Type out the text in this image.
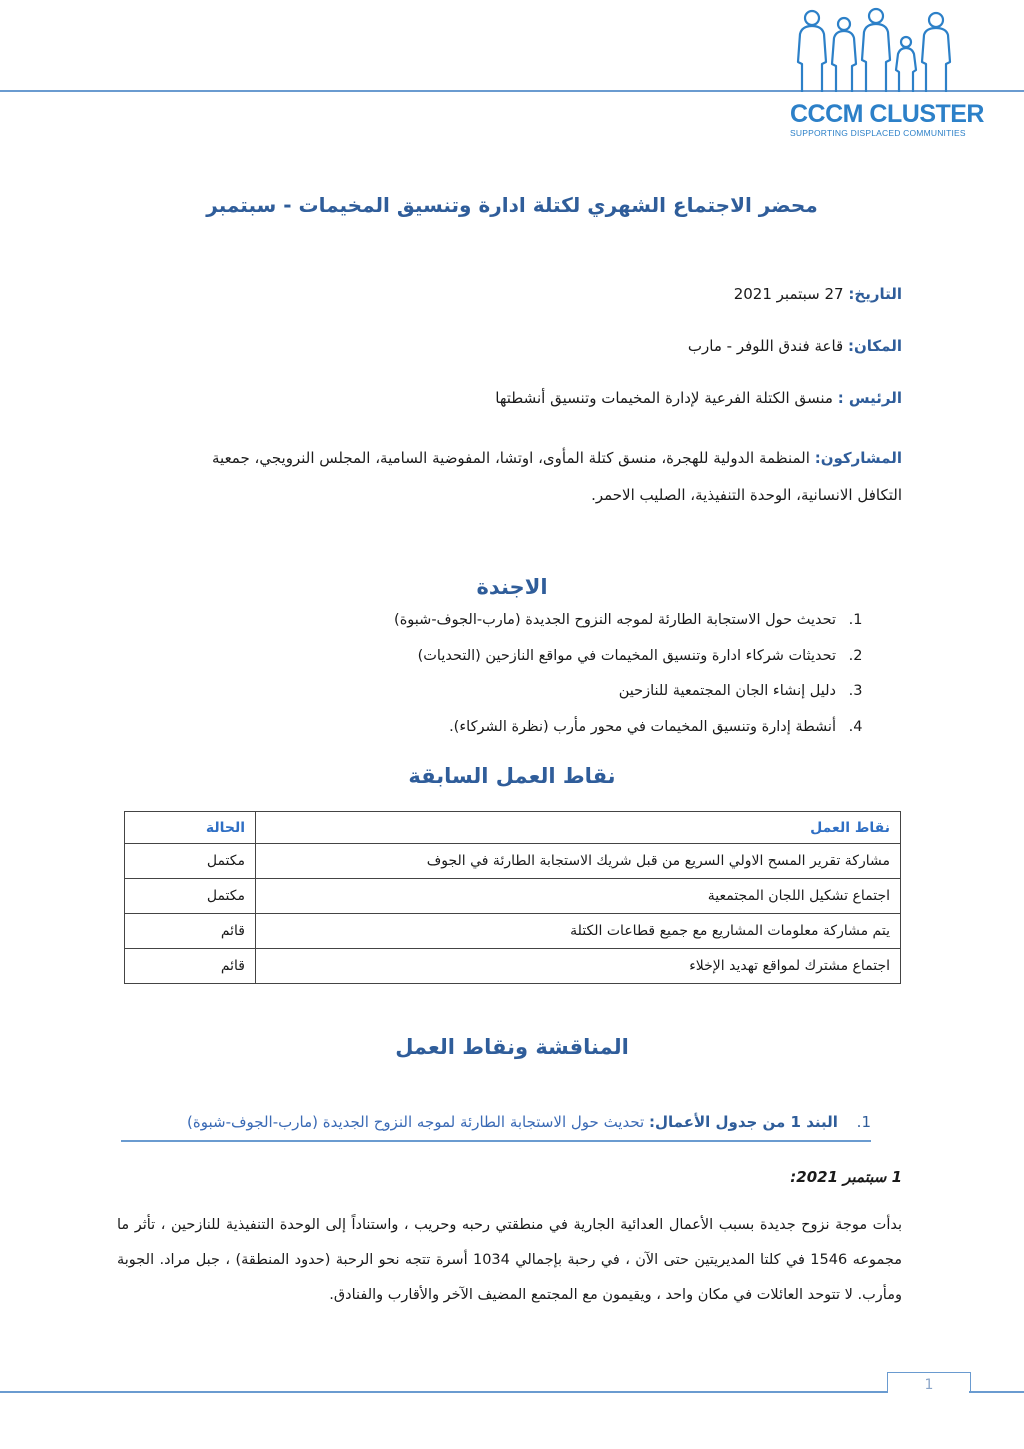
CCCM CLUSTER
SUPPORTING DISPLACED COMMUNITIES
محضر الاجتماع الشهري لكتلة ادارة وتنسيق المخيمات - سبتمبر
التاريخ: 27 سبتمبر 2021
المكان: قاعة فندق اللوفر - مارب
الرئيس : منسق الكتلة الفرعية لإدارة المخيمات وتنسيق أنشطتها
المشاركون: المنظمة الدولية للهجرة، منسق كتلة المأوى، اوتشا، المفوضية السامية، المجلس النرويجي، جمعية التكافل الانسانية، الوحدة التنفيذية، الصليب الاحمر.
الاجندة
1. تحديث حول الاستجابة الطارئة لموجه النزوح الجديدة (مارب-الجوف-شبوة)
2. تحديثات شركاء ادارة وتنسيق المخيمات في مواقع النازحين (التحديات)
3. دليل إنشاء الجان المجتمعية للنازحين
4. أنشطة إدارة وتنسيق المخيمات في محور مأرب (نظرة الشركاء).
نقاط العمل السابقة
نقاط العمل	الحالة
مشاركة تقرير المسح الاولي السريع من قبل شريك الاستجابة الطارئة في الجوف	مكتمل
اجتماع تشكيل اللجان المجتمعية	مكتمل
يتم مشاركة معلومات المشاريع مع جميع قطاعات الكتلة	قائم
اجتماع مشترك لمواقع تهديد الإخلاء	قائم
المناقشة ونقاط العمل
1. البند 1 من جدول الأعمال: تحديث حول الاستجابة الطارئة لموجه النزوح الجديدة (مارب-الجوف-شبوة)
1 سبتمبر 2021:
بدأت موجة نزوح جديدة بسبب الأعمال العدائية الجارية في منطقتي رحبه وحريب ، واستناداً إلى الوحدة التنفيذية للنازحين ، تأثر ما مجموعه 1546 في كلتا المديريتين حتى الآن ، في رحبة بإجمالي 1034 أسرة تتجه نحو الرحبة (حدود المنطقة) ، جبل مراد. الجوبة ومأرب. لا تتوحد العائلات في مكان واحد ، ويقيمون مع المجتمع المضيف الآخر والأقارب والفنادق.
1
